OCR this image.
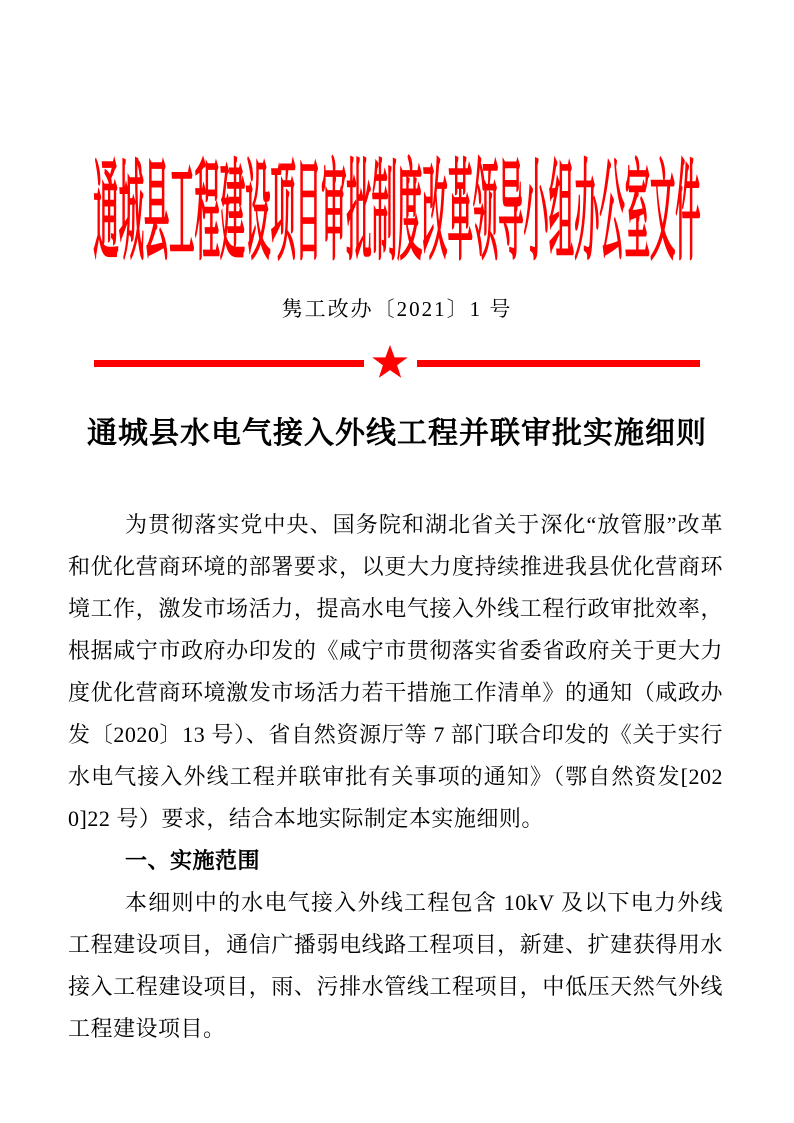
通城县工程建设项目审批制度改革领导小组办公室文件
隽工改办〔2021〕1 号
通城县水电气接入外线工程并联审批实施细则

为贯彻落实党中央、国务院和湖北省关于深化“放管服”改革和优化营商环境的部署要求，以更大力度持续推进我县优化营商环境工作，激发市场活力，提高水电气接入外线工程行政审批效率，根据咸宁市政府办印发的《咸宁市贯彻落实省委省政府关于更大力度优化营商环境激发市场活力若干措施工作清单》的通知（咸政办发〔2020〕13 号）、省自然资源厅等 7 部门联合印发的《关于实行水电气接入外线工程并联审批有关事项的通知》（鄂自然资发[2020]22 号）要求，结合本地实际制定本实施细则。

一、实施范围

本细则中的水电气接入外线工程包含 10kV 及以下电力外线工程建设项目，通信广播弱电线路工程项目，新建、扩建获得用水接入工程建设项目，雨、污排水管线工程项目，中低压天然气外线工程建设项目。
